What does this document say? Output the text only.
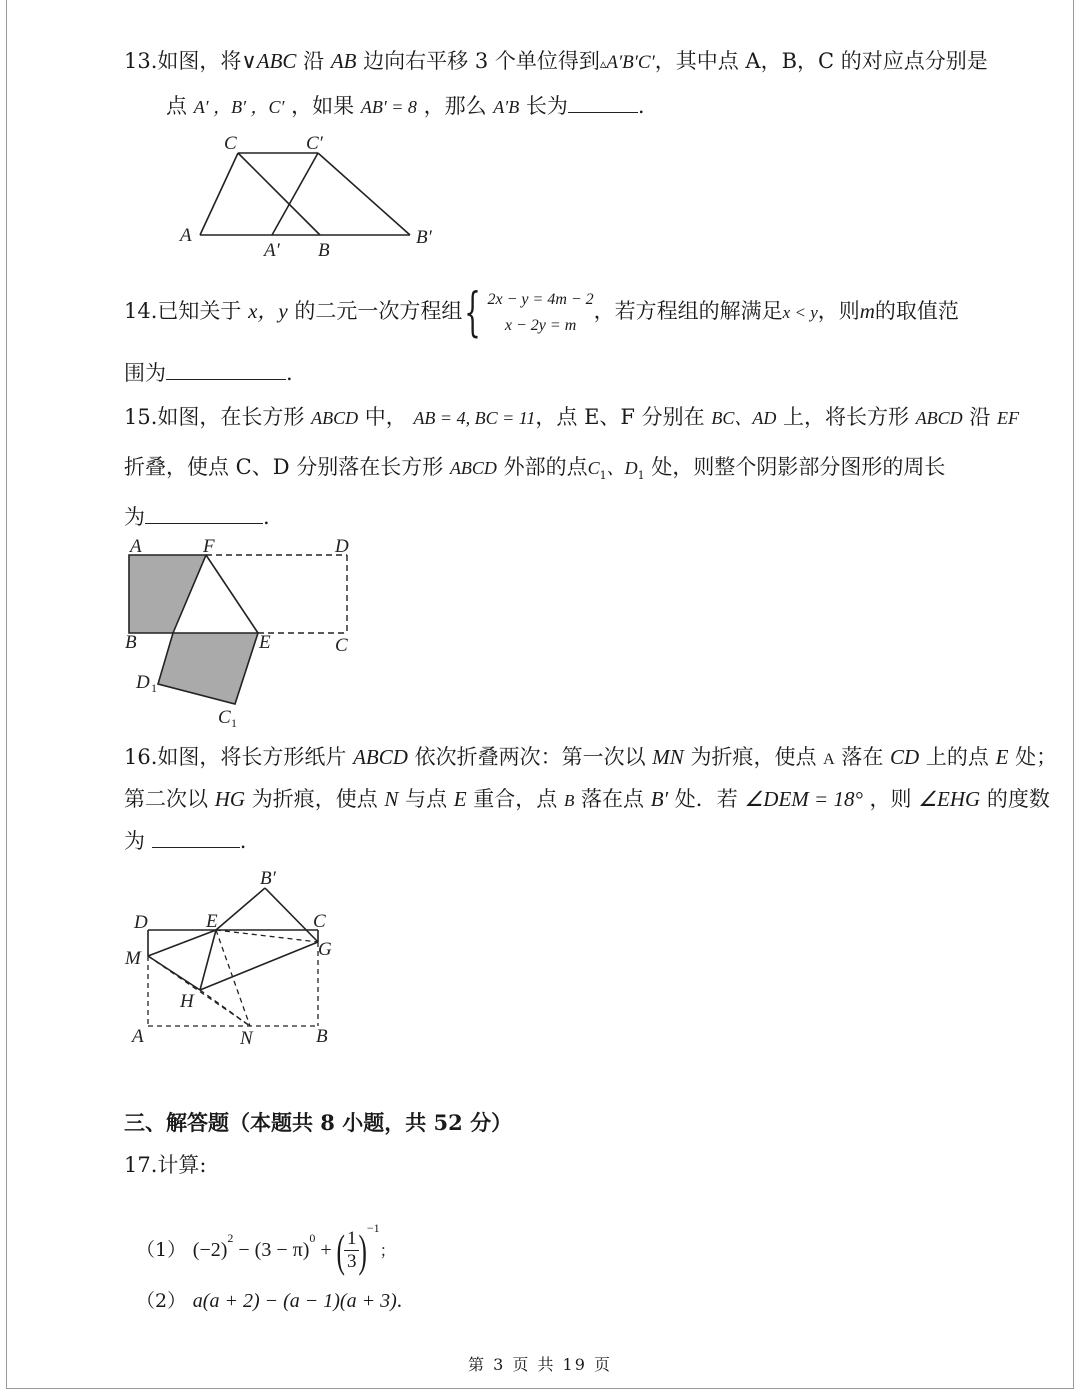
13.如图，将∨ABC 沿 AB 边向右平移 3 个单位得到▵A′B′C′，其中点 A，B，C 的对应点分别是
点 A′ ，B′ ，C′ ，如果 AB′ = 8 ，那么 A′B 长为	.
C	C′
A
A′ B
B′
14.已知关于 x，y 的二元一次方程组{ 2x − y = 4m − 2
x − 2y = m
，若方程组的解满足x < y，则m的取值范
围为	.
15.如图，在长方形 ABCD 中， AB = 4, BC = 11，点 E、F 分别在 BC、AD 上，将长方形 ABCD 沿 EF
折叠，使点 C、D 分别落在长方形 ABCD 外部的点$C_1$、$D_1$ 处，则整个阴影部分图形的周长
为	.
A	F	D
B	E	C
D 1
C 1
16.如图，将长方形纸片 ABCD 依次折叠两次：第一次以 MN 为折痕，使点 A 落在 CD 上的点 E 处；
第二次以 HG 为折痕，使点 N 与点 E 重合，点 B 落在点 B′ 处．若 ∠DEM = 18° ，则 ∠EHG 的度数
为	.
B′
D	E	C
M	G
H
A	N	B
三、解答题（本题共 8 小题，共 52 分）
17.计算:
（1） $(-2)^2 - (3 - \pi)^0$ + ( $\frac{1}{3} )^{-1}$；
（2） a(a + 2) − (a − 1)(a + 3).
第 3 页 共 19 页
